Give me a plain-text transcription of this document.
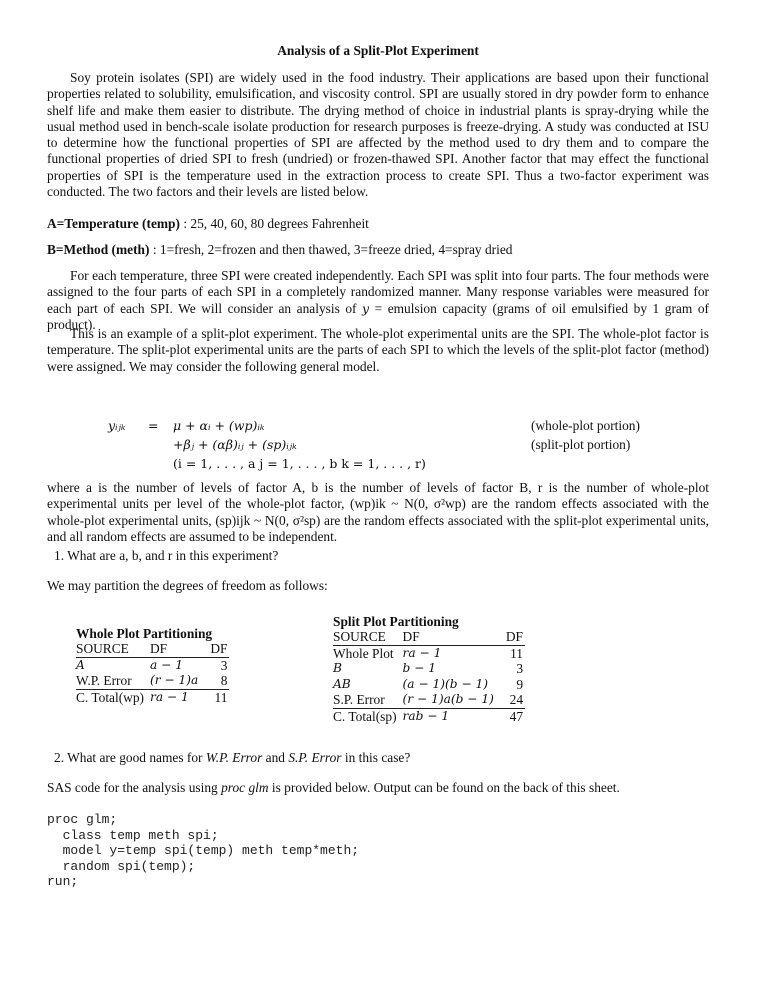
Analysis of a Split-Plot Experiment

Soy protein isolates (SPI) are widely used in the food industry. Their applications are based upon their functional properties related to solubility, emulsification, and viscosity control. SPI are usually stored in dry powder form to enhance shelf life and make them easier to distribute. The drying method of choice in industrial plants is spray-drying while the usual method used in bench-scale isolate production for research purposes is freeze-drying. A study was conducted at ISU to determine how the functional properties of SPI are affected by the method used to dry them and to compare the functional properties of dried SPI to fresh (undried) or frozen-thawed SPI. Another factor that may effect the functional properties of SPI is the temperature used in the extraction process to create SPI. Thus a two-factor experiment was conducted. The two factors and their levels are listed below.

A=Temperature (temp) : 25, 40, 60, 80 degrees Fahrenheit
B=Method (meth) : 1=fresh, 2=frozen and then thawed, 3=freeze dried, 4=spray dried

For each temperature, three SPI were created independently. Each SPI was split into four parts. The four methods were assigned to the four parts of each SPI in a completely randomized manner. Many response variables were measured for each part of each SPI. We will consider an analysis of y = emulsion capacity (grams of oil emulsified by 1 gram of product).

This is an example of a split-plot experiment. The whole-plot experimental units are the SPI. The whole-plot factor is temperature. The split-plot experimental units are the parts of each SPI to which the levels of the split-plot factor (method) were assigned. We may consider the following general model.

yᵢⱼₖ = μ + αᵢ + (wp)ᵢₖ	(whole-plot portion)
+βⱼ + (αβ)ᵢⱼ + (sp)ᵢⱼₖ	(split-plot portion)
(i = 1, . . . , a j = 1, . . . , b k = 1, . . . , r)

where a is the number of levels of factor A, b is the number of levels of factor B, r is the number of whole-plot experimental units per level of the whole-plot factor, (wp)ik ~ N(0, σ²wp) are the random effects associated with the whole-plot experimental units, (sp)ijk ~ N(0, σ²sp) are the random effects associated with the split-plot experimental units, and all random effects are assumed to be independent.

1. What are a, b, and r in this experiment?
We may partition the degrees of freedom as follows:
Whole Plot Partitioning
SOURCE	DF	DF
A	a − 1	3
W.P. Error	(r − 1)a	8
C. Total(wp)	ra − 1	11
Split Plot Partitioning
SOURCE	DF	DF
Whole Plot	ra − 1	11
B	b − 1	3
AB	(a − 1)(b − 1)	9
S.P. Error	(r − 1)a(b − 1)	24
C. Total(sp)	rab − 1	47
2. What are good names for W.P. Error and S.P. Error in this case?
SAS code for the analysis using proc glm is provided below. Output can be found on the back of this sheet.
proc glm;
class temp meth spi;
model y=temp spi(temp) meth temp*meth;
random spi(temp);
run;
